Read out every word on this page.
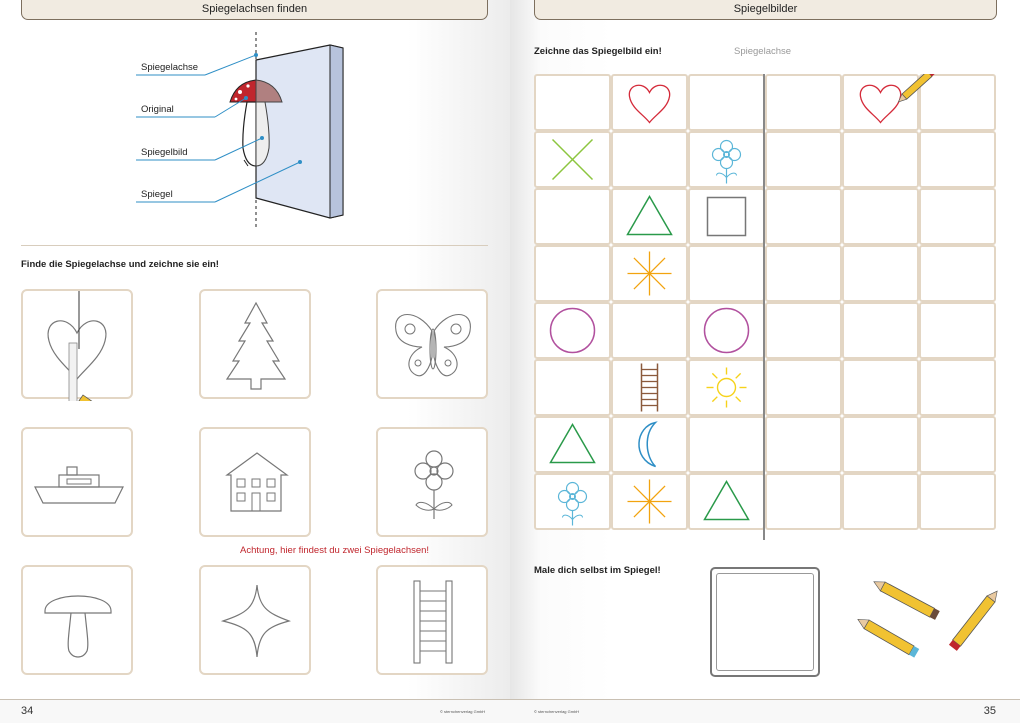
Spiegelachsen finden
Spiegelachse
Original
Spiegelbild
Spiegel
Finde die Spiegelachse und zeichne sie ein!
Achtung, hier findest du zwei Spiegelachsen!
34	© sternchenverlag GmbH
Spiegelbilder
Zeichne das Spiegelbild ein!	Spiegelachse
Male dich selbst im Spiegel!
35
© sternchenverlag GmbH
